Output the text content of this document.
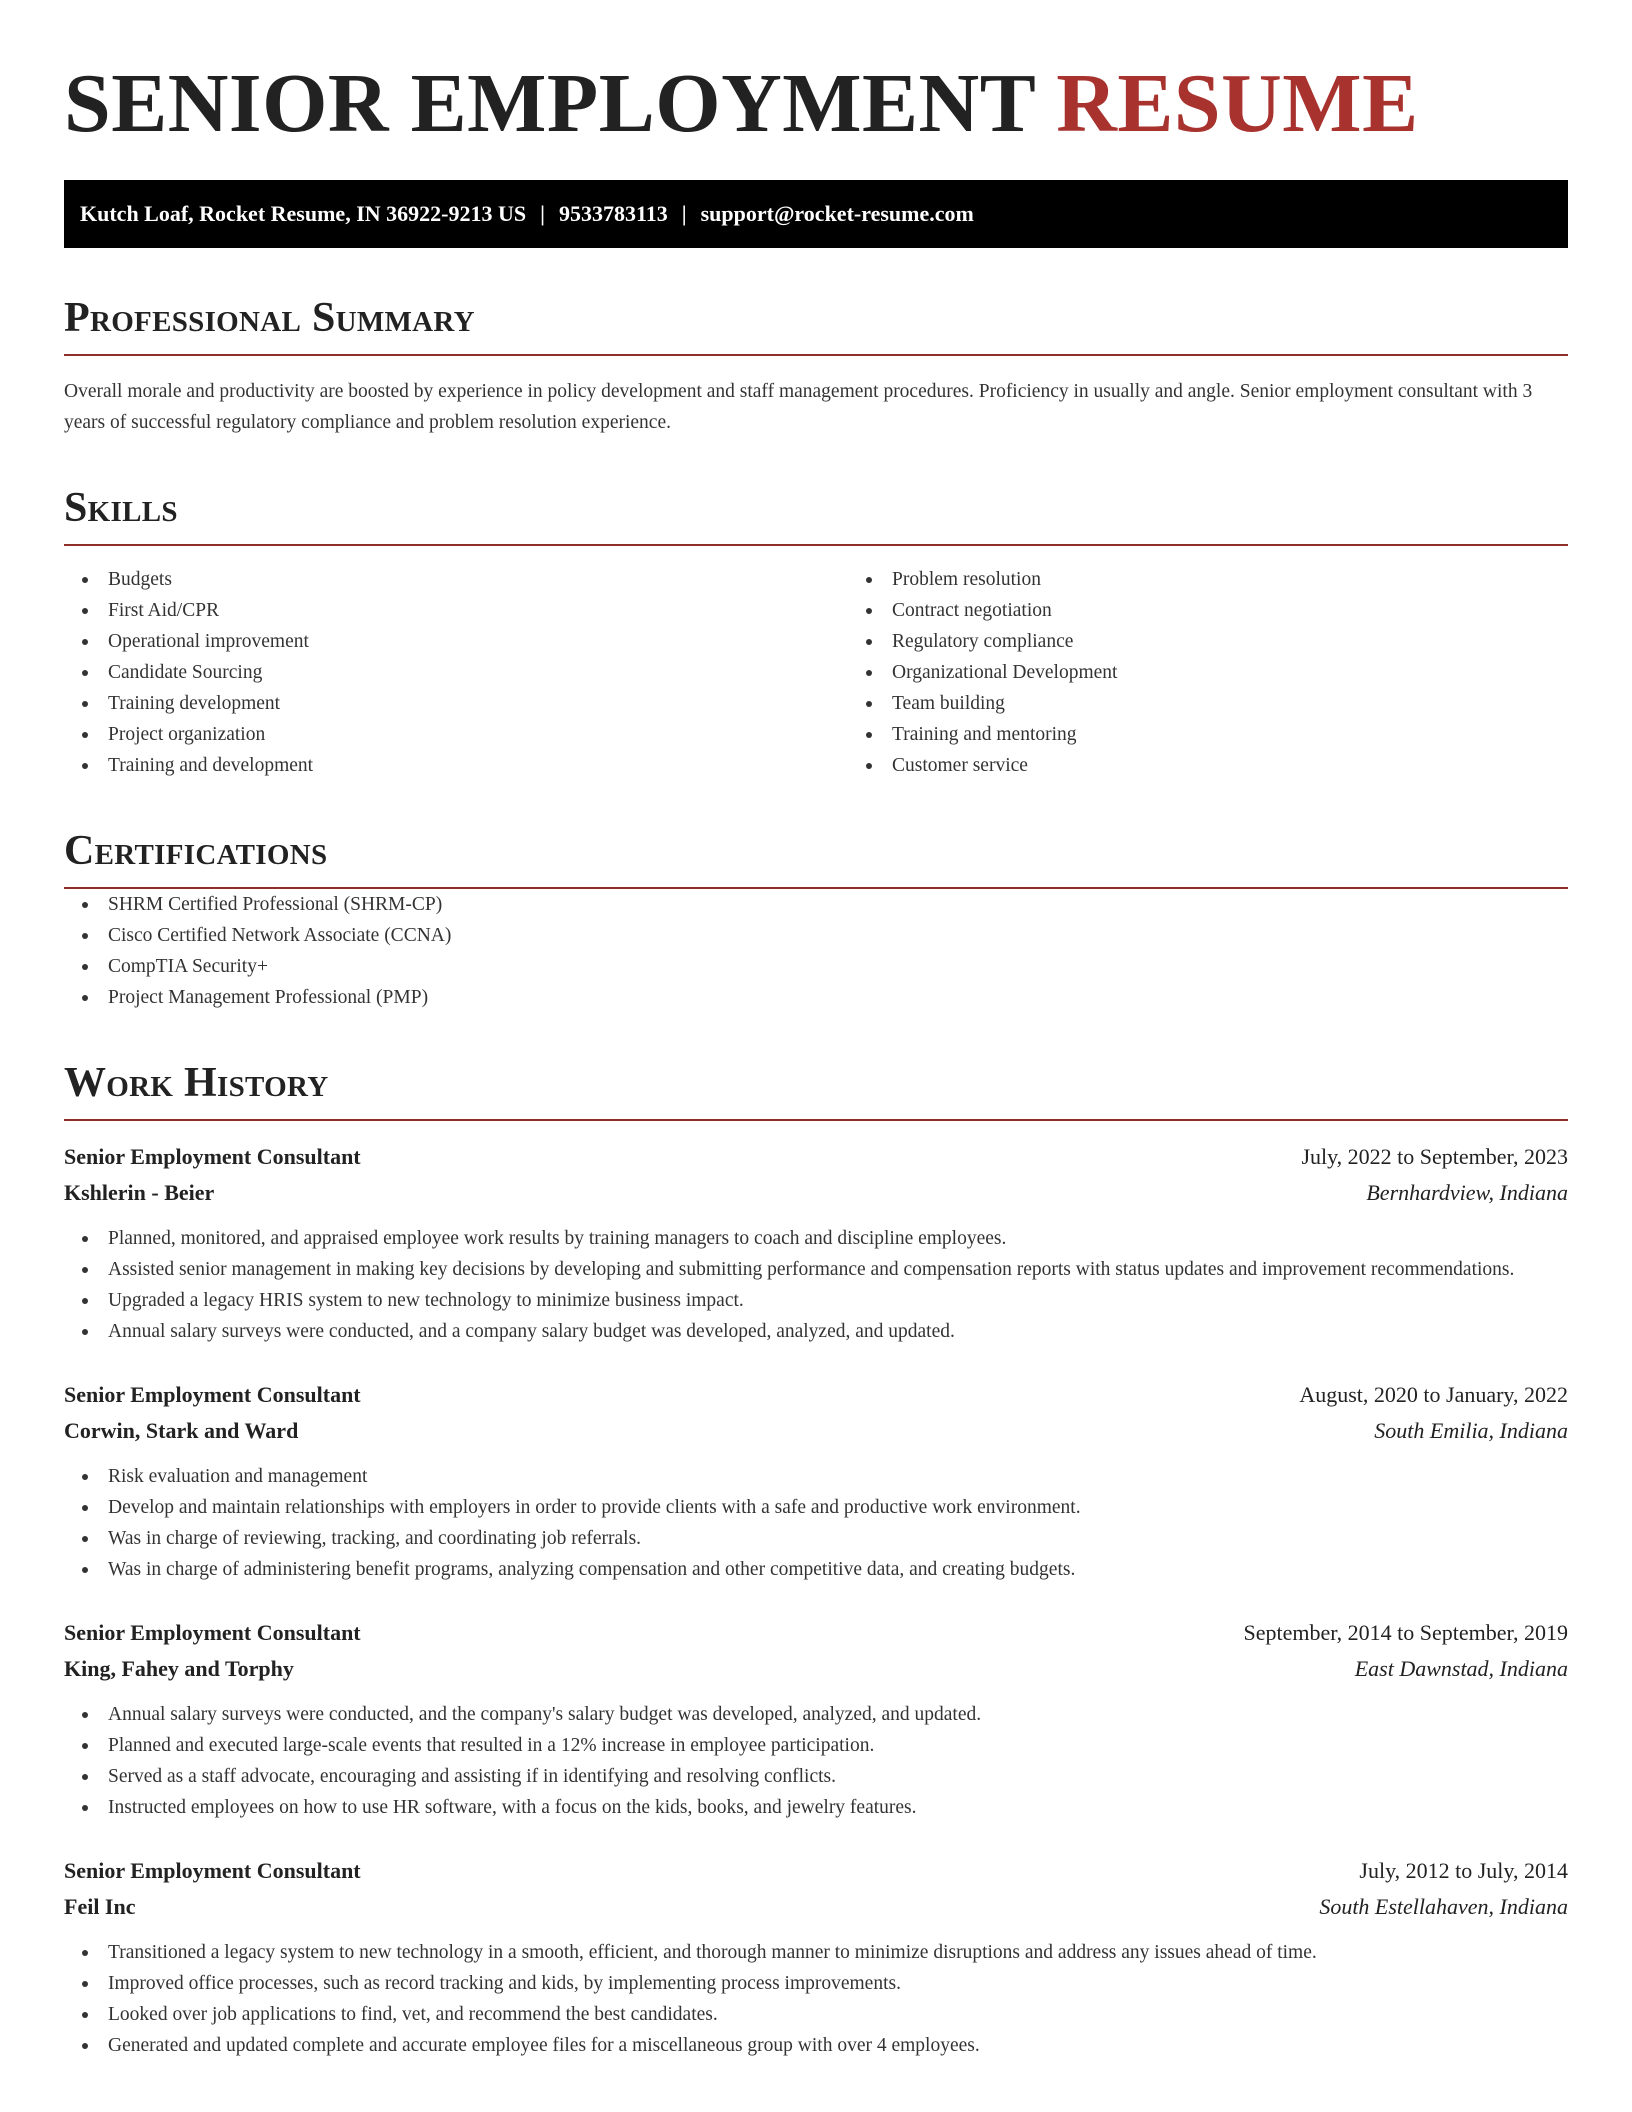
SENIOR EMPLOYMENT RESUME
Kutch Loaf, Rocket Resume, IN 36922-9213 US | 9533783113 | support@rocket-resume.com
Professional Summary

Overall morale and productivity are boosted by experience in policy development and staff management procedures. Proficiency in usually and angle. Senior employment consultant with 3 years of successful regulatory compliance and problem resolution experience.

Skills
Budgets
First Aid/CPR
Operational improvement
Candidate Sourcing
Training development
Project organization
Training and development
Problem resolution
Contract negotiation
Regulatory compliance
Organizational Development
Team building
Training and mentoring
Customer service
Certifications
SHRM Certified Professional (SHRM-CP)
Cisco Certified Network Associate (CCNA)
CompTIA Security+
Project Management Professional (PMP)
Work History
Senior Employment Consultant	July, 2022 to September, 2023
Kshlerin - Beier	Bernhardview, Indiana
Planned, monitored, and appraised employee work results by training managers to coach and discipline employees.
Assisted senior management in making key decisions by developing and submitting performance and compensation reports with status updates and improvement recommendations.
Upgraded a legacy HRIS system to new technology to minimize business impact.
Annual salary surveys were conducted, and a company salary budget was developed, analyzed, and updated.
Senior Employment Consultant	August, 2020 to January, 2022
Corwin, Stark and Ward	South Emilia, Indiana
Risk evaluation and management
Develop and maintain relationships with employers in order to provide clients with a safe and productive work environment.
Was in charge of reviewing, tracking, and coordinating job referrals.
Was in charge of administering benefit programs, analyzing compensation and other competitive data, and creating budgets.
Senior Employment Consultant	September, 2014 to September, 2019
King, Fahey and Torphy	East Dawnstad, Indiana
Annual salary surveys were conducted, and the company's salary budget was developed, analyzed, and updated.
Planned and executed large-scale events that resulted in a 12% increase in employee participation.
Served as a staff advocate, encouraging and assisting if in identifying and resolving conflicts.
Instructed employees on how to use HR software, with a focus on the kids, books, and jewelry features.
Senior Employment Consultant	July, 2012 to July, 2014
Feil Inc	South Estellahaven, Indiana
Transitioned a legacy system to new technology in a smooth, efficient, and thorough manner to minimize disruptions and address any issues ahead of time.
Improved office processes, such as record tracking and kids, by implementing process improvements.
Looked over job applications to find, vet, and recommend the best candidates.
Generated and updated complete and accurate employee files for a miscellaneous group with over 4 employees.
